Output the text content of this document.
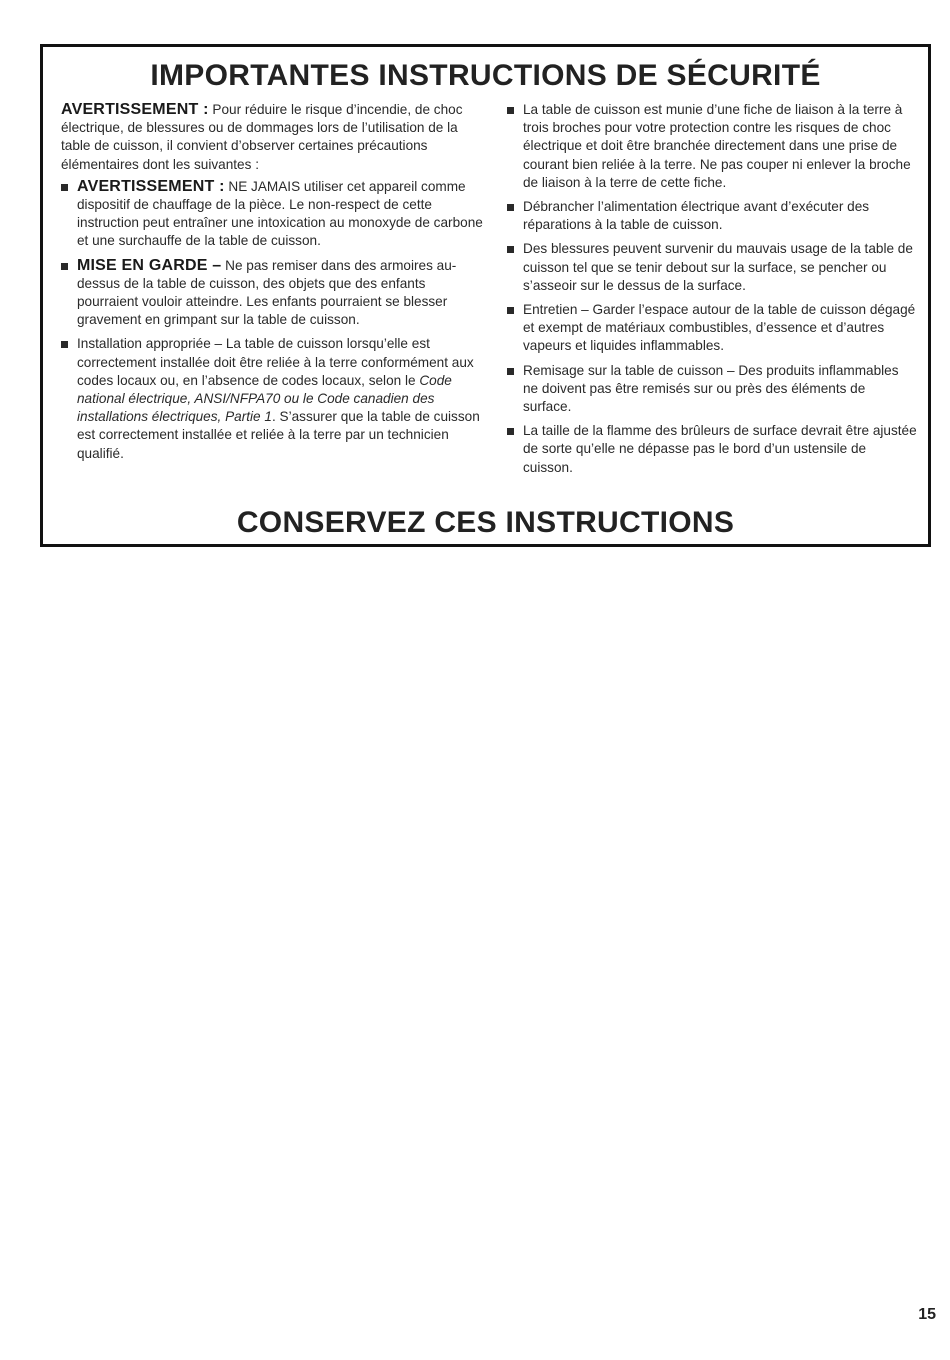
IMPORTANTES INSTRUCTIONS DE SÉCURITÉ

AVERTISSEMENT : Pour réduire le risque d’incendie, de choc électrique, de blessures ou de dommages lors de l’utilisation de la table de cuisson, il convient d’observer certaines précautions élémentaires dont les suivantes :

AVERTISSEMENT : NE JAMAIS utiliser cet appareil comme dispositif de chauffage de la pièce. Le non-respect de cette instruction peut entraîner une intoxication au monoxyde de carbone et une surchauffe de la table de cuisson.
MISE EN GARDE – Ne pas remiser dans des armoires au-dessus de la table de cuisson, des objets que des enfants pourraient vouloir atteindre. Les enfants pourraient se blesser gravement en grimpant sur la table de cuisson.
Installation appropriée – La table de cuisson lorsqu’elle est correctement installée doit être reliée à la terre conformément aux codes locaux ou, en l’absence de codes locaux, selon le Code national électrique, ANSI/NFPA70 ou le Code canadien des installations électriques, Partie 1. S’assurer que la table de cuisson est correctement installée et reliée à la terre par un technicien qualifié.
La table de cuisson est munie d’une fiche de liaison à la terre à trois broches pour votre protection contre les risques de choc électrique et doit être branchée directement dans une prise de courant bien reliée à la terre. Ne pas couper ni enlever la broche de liaison à la terre de cette fiche.
Débrancher l’alimentation électrique avant d’exécuter des réparations à la table de cuisson.
Des blessures peuvent survenir du mauvais usage de la table de cuisson tel que se tenir debout sur la surface, se pencher ou s’asseoir sur le dessus de la surface.
Entretien – Garder l’espace autour de la table de cuisson dégagé et exempt de matériaux combustibles, d’essence et d’autres vapeurs et liquides inflammables.
Remisage sur la table de cuisson – Des produits inflammables ne doivent pas être remisés sur ou près des éléments de surface.
La taille de la flamme des brûleurs de surface devrait être ajustée de sorte qu’elle ne dépasse pas le bord d’un ustensile de cuisson.
CONSERVEZ CES INSTRUCTIONS
15
